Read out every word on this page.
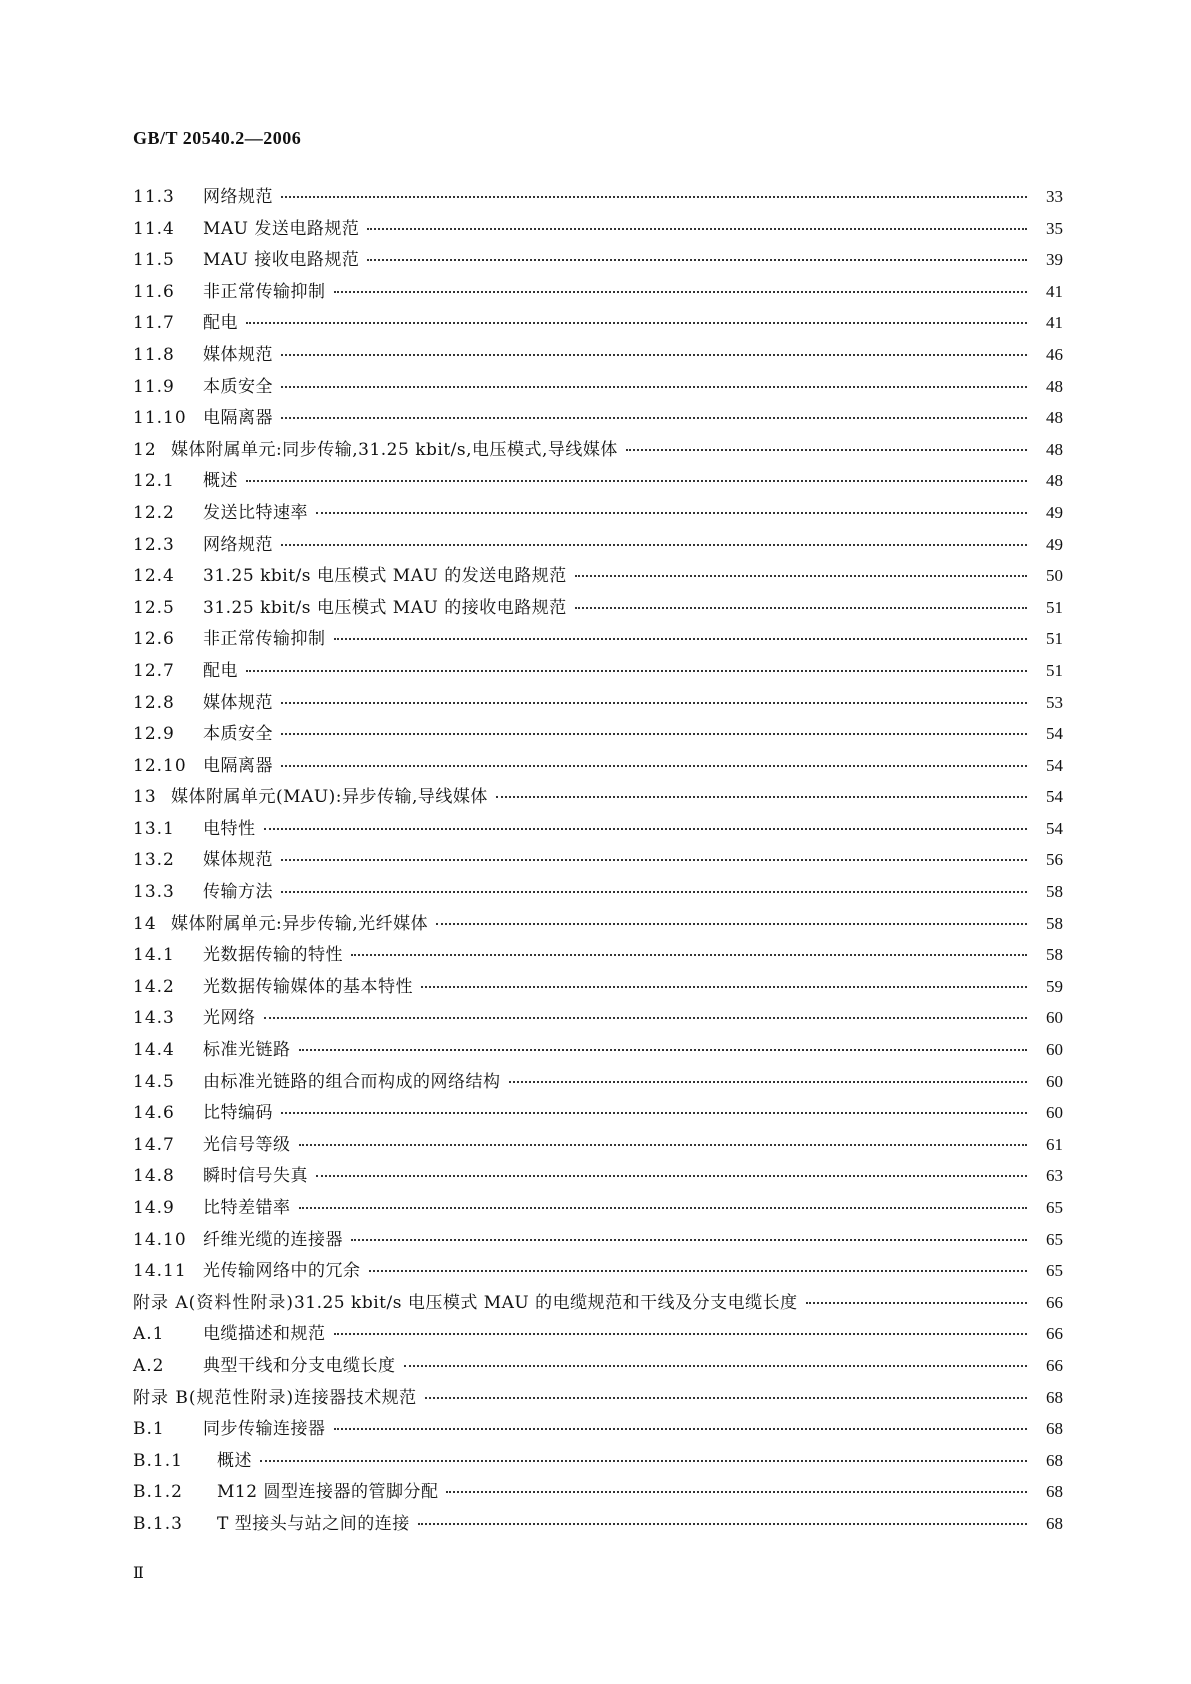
GB/T 20540.2—2006
11.3	网络规范	33
11.4	MAU 发送电路规范	35
11.5	MAU 接收电路规范	39
11.6	非正常传输抑制	41
11.7	配电	41
11.8	媒体规范	46
11.9	本质安全	48
11.10 电隔离器	48
12 媒体附属单元:同步传输,31.25 kbit/s,电压模式,导线媒体	48
12.1	概述	48
12.2	发送比特速率	49
12.3	网络规范	49
12.4	31.25 kbit/s 电压模式 MAU 的发送电路规范	50
12.5	31.25 kbit/s 电压模式 MAU 的接收电路规范	51
12.6	非正常传输抑制	51
12.7	配电	51
12.8	媒体规范	53
12.9	本质安全	54
12.10 电隔离器	54
13 媒体附属单元(MAU):异步传输,导线媒体	54
13.1	电特性	54
13.2	媒体规范	56
13.3	传输方法	58
14 媒体附属单元:异步传输,光纤媒体	58
14.1	光数据传输的特性	58
14.2	光数据传输媒体的基本特性	59
14.3	光网络	60
14.4	标准光链路	60
14.5	由标准光链路的组合而构成的网络结构	60
14.6	比特编码	60
14.7	光信号等级	61
14.8	瞬时信号失真	63
14.9	比特差错率	65
14.10 纤维光缆的连接器	65
14.11 光传输网络中的冗余	65
附录 A(资料性附录) 31.25 kbit/s 电压模式 MAU 的电缆规范和干线及分支电缆长度	66
A.1	电缆描述和规范	66
A.2	典型干线和分支电缆长度	66
附录 B(规范性附录) 连接器技术规范	68
B.1	同步传输连接器	68
B.1.1	概述	68
B.1.2	M12 圆型连接器的管脚分配	68
B.1.3	T 型接头与站之间的连接	68
Ⅱ
